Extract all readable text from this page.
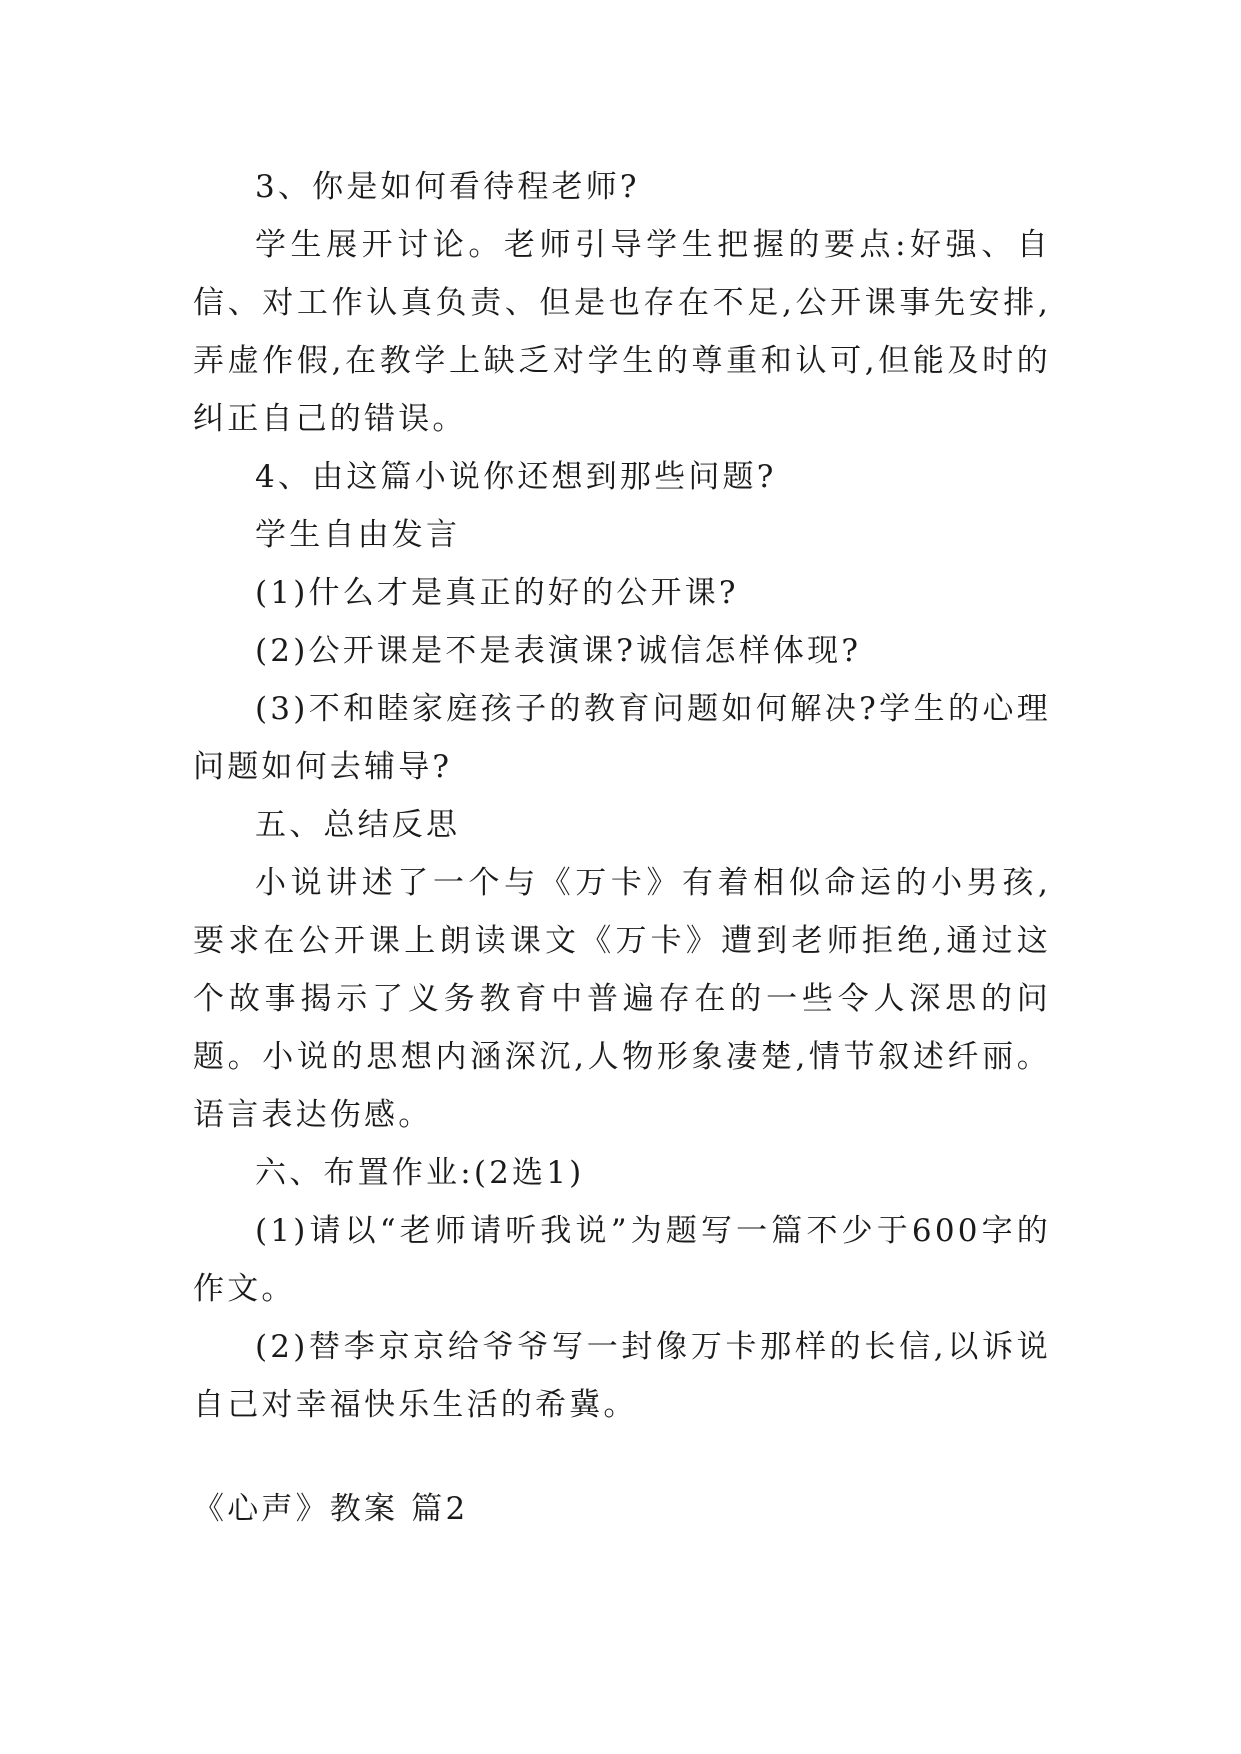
3、你是如何看待程老师?

学生展开讨论。老师引导学生把握的要点:好强、自信、对工作认真负责、但是也存在不足,公开课事先安排,弄虚作假,在教学上缺乏对学生的尊重和认可,但能及时的纠正自己的错误。

4、由这篇小说你还想到那些问题?

学生自由发言

(1)什么才是真正的好的公开课?

(2)公开课是不是表演课?诚信怎样体现?

(3)不和睦家庭孩子的教育问题如何解决?学生的心理问题如何去辅导?

五、总结反思

小说讲述了一个与《万卡》有着相似命运的小男孩,要求在公开课上朗读课文《万卡》遭到老师拒绝,通过这个故事揭示了义务教育中普遍存在的一些令人深思的问题。小说的思想内涵深沉,人物形象凄楚,情节叙述纤丽。语言表达伤感。

六、布置作业:(2选1)

(1)请以“老师请听我说”为题写一篇不少于600字的作文。

(2)替李京京给爷爷写一封像万卡那样的长信,以诉说自己对幸福快乐生活的希冀。

《心声》教案 篇2
